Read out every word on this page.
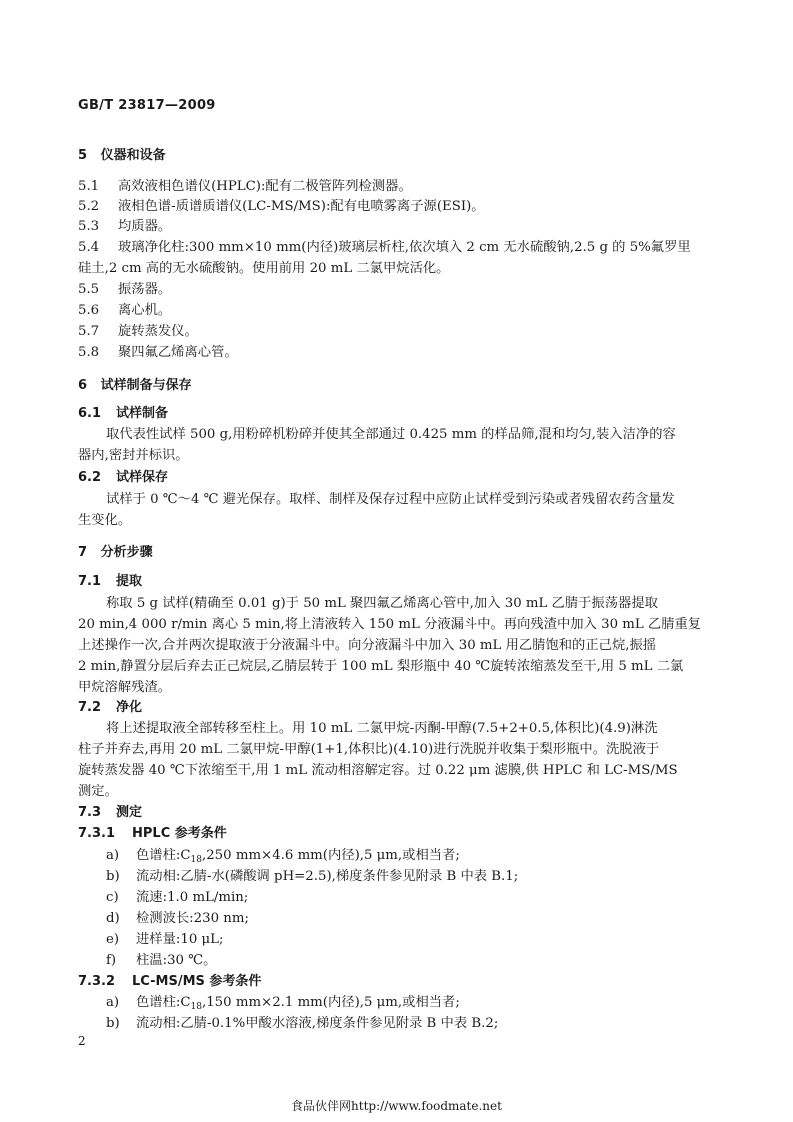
GB/T 23817—2009
5 仪器和设备
5.1 高效液相色谱仪(HPLC):配有二极管阵列检测器。
5.2 液相色谱-质谱质谱仪(LC-MS/MS):配有电喷雾离子源(ESI)。
5.3 均质器。
5.4 玻璃净化柱:300 mm×10 mm(内径)玻璃层析柱,依次填入 2 cm 无水硫酸钠,2.5 g 的 5%氟罗里
硅土,2 cm 高的无水硫酸钠。使用前用 20 mL 二氯甲烷活化。
5.5 振荡器。
5.6 离心机。
5.7 旋转蒸发仪。
5.8 聚四氟乙烯离心管。
6 试样制备与保存
6.1 试样制备
取代表性试样 500 g,用粉碎机粉碎并使其全部通过 0.425 mm 的样品筛,混和均匀,装入洁净的容
器内,密封并标识。
6.2 试样保存
试样于 0 ℃～4 ℃ 避光保存。取样、制样及保存过程中应防止试样受到污染或者残留农药含量发
生变化。
7 分析步骤
7.1 提取
称取 5 g 试样(精确至 0.01 g)于 50 mL 聚四氟乙烯离心管中,加入 30 mL 乙腈于振荡器提取
20 min,4 000 r/min 离心 5 min,将上清液转入 150 mL 分液漏斗中。再向残渣中加入 30 mL 乙腈重复
上述操作一次,合并两次提取液于分液漏斗中。向分液漏斗中加入 30 mL 用乙腈饱和的正己烷,振摇
2 min,静置分层后弃去正己烷层,乙腈层转于 100 mL 梨形瓶中 40 ℃旋转浓缩蒸发至干,用 5 mL 二氯
甲烷溶解残渣。
7.2 净化
将上述提取液全部转移至柱上。用 10 mL 二氯甲烷-丙酮-甲醇(7.5+2+0.5,体积比)(4.9)淋洗
柱子并弃去,再用 20 mL 二氯甲烷-甲醇(1+1,体积比)(4.10)进行洗脱并收集于梨形瓶中。洗脱液于
旋转蒸发器 40 ℃下浓缩至干,用 1 mL 流动相溶解定容。过 0.22 μm 滤膜,供 HPLC 和 LC-MS/MS
测定。
7.3 测定
7.3.1 HPLC 参考条件
a) 色谱柱$:C_{18},250$ mm×4.6 mm(内径),5 μm,或相当者;
b) 流动相:乙腈-水(磷酸调 pH=2.5),梯度条件参见附录 B 中表 B.1;
c) 流速:1.0 mL/min;
d) 检测波长:230 nm;
e) 进样量:10 μL;
f) 柱温:30 ℃。
7.3.2 LC-MS/MS 参考条件
a) 色谱柱$:C_{18},150$ mm×2.1 mm(内径),5 μm,或相当者;
b) 流动相:乙腈-0.1%甲酸水溶液,梯度条件参见附录 B 中表 B.2;
2
食品伙伴网http://www.foodmate.net
